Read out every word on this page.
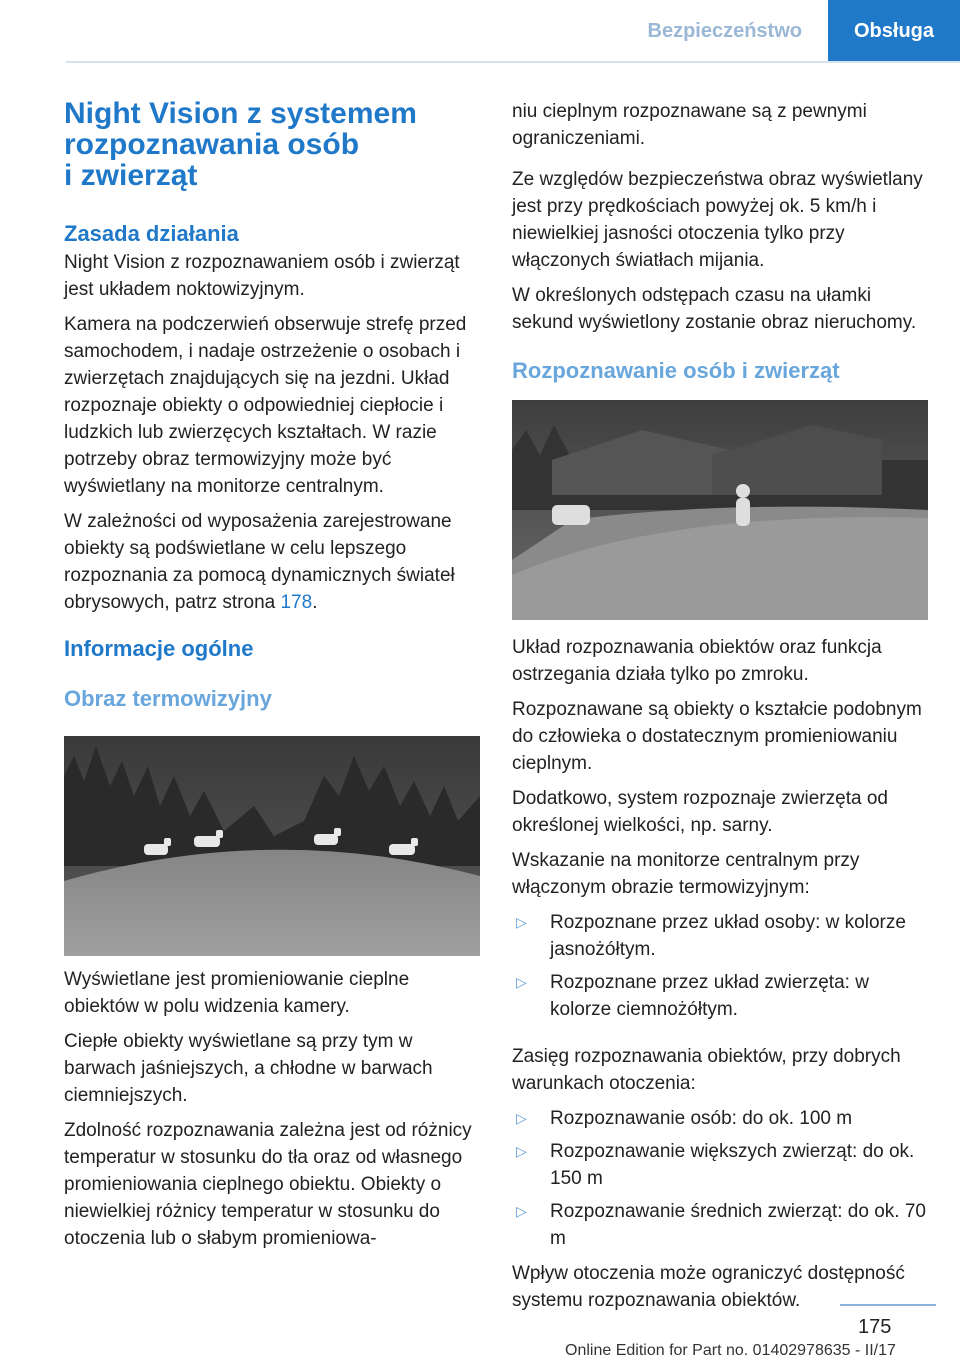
Bezpieczeństwo	Obsługa
Night Vision z systemem
rozpoznawania osób
i zwierząt
Zasada działania

Night Vision z rozpoznawaniem osób i zwierząt jest układem noktowizyjnym.

Kamera na podczerwień obserwuje strefę przed samochodem, i nadaje ostrzeżenie o osobach i zwierzętach znajdujących się na jezdni. Układ rozpoznaje obiekty o odpowiedniej ciepłocie i ludzkich lub zwierzęcych kształtach. W razie potrzeby obraz termowizyjny może być wyświetlany na monitorze centralnym.

W zależności od wyposażenia zarejestrowane obiekty są podświetlane w celu lepszego rozpoznania za pomocą dynamicznych świateł obrysowych, patrz strona 178.

Informacje ogólne
Obraz termowizyjny

Wyświetlane jest promieniowanie cieplne obiektów w polu widzenia kamery.

Ciepłe obiekty wyświetlane są przy tym w barwach jaśniejszych, a chłodne w barwach ciemniejszych.

Zdolność rozpoznawania zależna jest od różnicy temperatur w stosunku do tła oraz od własnego promieniowania cieplnego obiektu. Obiekty o niewielkiej różnicy temperatur w stosunku do otoczenia lub o słabym promieniowa-

niu cieplnym rozpoznawane są z pewnymi ograniczeniami.

Ze względów bezpieczeństwa obraz wyświetlany jest przy prędkościach powyżej ok. 5 km/h i niewielkiej jasności otoczenia tylko przy włączonych światłach mijania.

W określonych odstępach czasu na ułamki sekund wyświetlony zostanie obraz nieruchomy.

Rozpoznawanie osób i zwierząt

Układ rozpoznawania obiektów oraz funkcja ostrzegania działa tylko po zmroku.

Rozpoznawane są obiekty o kształcie podobnym do człowieka o dostatecznym promieniowaniu cieplnym.

Dodatkowo, system rozpoznaje zwierzęta od określonej wielkości, np. sarny.

Wskazanie na monitorze centralnym przy włączonym obrazie termowizyjnym:

▷	Rozpoznane przez układ osoby: w kolorze jasnożółtym.
▷	Rozpoznane przez układ zwierzęta: w kolorze ciemnożółtym.

Zasięg rozpoznawania obiektów, przy dobrych warunkach otoczenia:

▷	Rozpoznawanie osób: do ok. 100 m
▷	Rozpoznawanie większych zwierząt: do ok. 150 m
▷	Rozpoznawanie średnich zwierząt: do ok. 70 m

Wpływ otoczenia może ograniczyć dostępność systemu rozpoznawania obiektów.

175
Online Edition for Part no. 01402978635 - II/17
